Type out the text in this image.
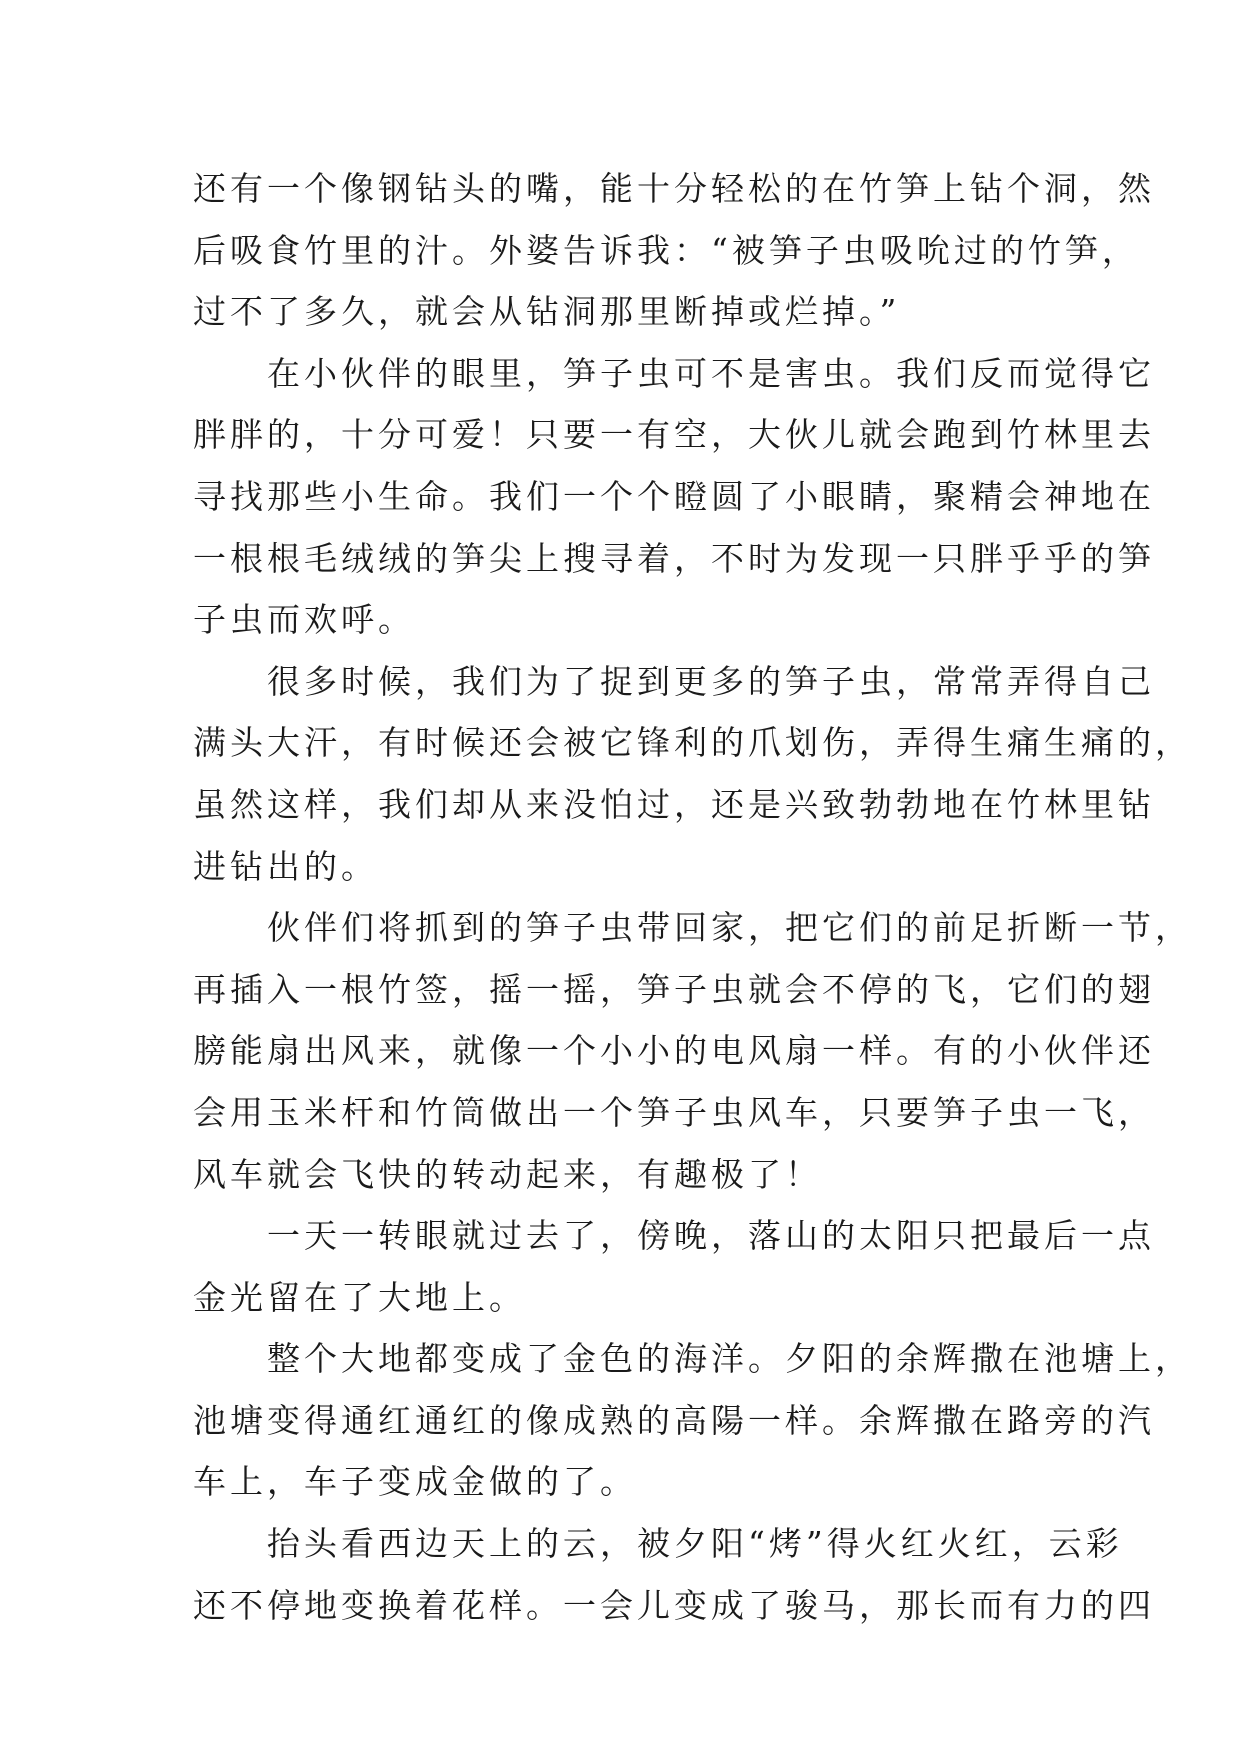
还有一个像钢钻头的嘴，能十分轻松的在竹笋上钻个洞，然
后吸食竹里的汁。外婆告诉我：“被笋子虫吸吮过的竹笋，
过不了多久，就会从钻洞那里断掉或烂掉。”
　　在小伙伴的眼里，笋子虫可不是害虫。我们反而觉得它
胖胖的，十分可爱！只要一有空，大伙儿就会跑到竹林里去
寻找那些小生命。我们一个个瞪圆了小眼睛，聚精会神地在
一根根毛绒绒的笋尖上搜寻着，不时为发现一只胖乎乎的笋
子虫而欢呼。
　　很多时候，我们为了捉到更多的笋子虫，常常弄得自己
满头大汗，有时候还会被它锋利的爪划伤，弄得生痛生痛的，
虽然这样，我们却从来没怕过，还是兴致勃勃地在竹林里钻
进钻出的。
　　伙伴们将抓到的笋子虫带回家，把它们的前足折断一节，
再插入一根竹签，摇一摇，笋子虫就会不停的飞，它们的翅
膀能扇出风来，就像一个小小的电风扇一样。有的小伙伴还
会用玉米杆和竹筒做出一个笋子虫风车，只要笋子虫一飞，
风车就会飞快的转动起来，有趣极了！
　　一天一转眼就过去了，傍晚，落山的太阳只把最后一点
金光留在了大地上。
　　整个大地都变成了金色的海洋。夕阳的余辉撒在池塘上，
池塘变得通红通红的像成熟的高陽一样。余辉撒在路旁的汽
车上，车子变成金做的了。
　　抬头看西边天上的云，被夕阳“烤”得火红火红，云彩
还不停地变换着花样。一会儿变成了骏马，那长而有力的四
